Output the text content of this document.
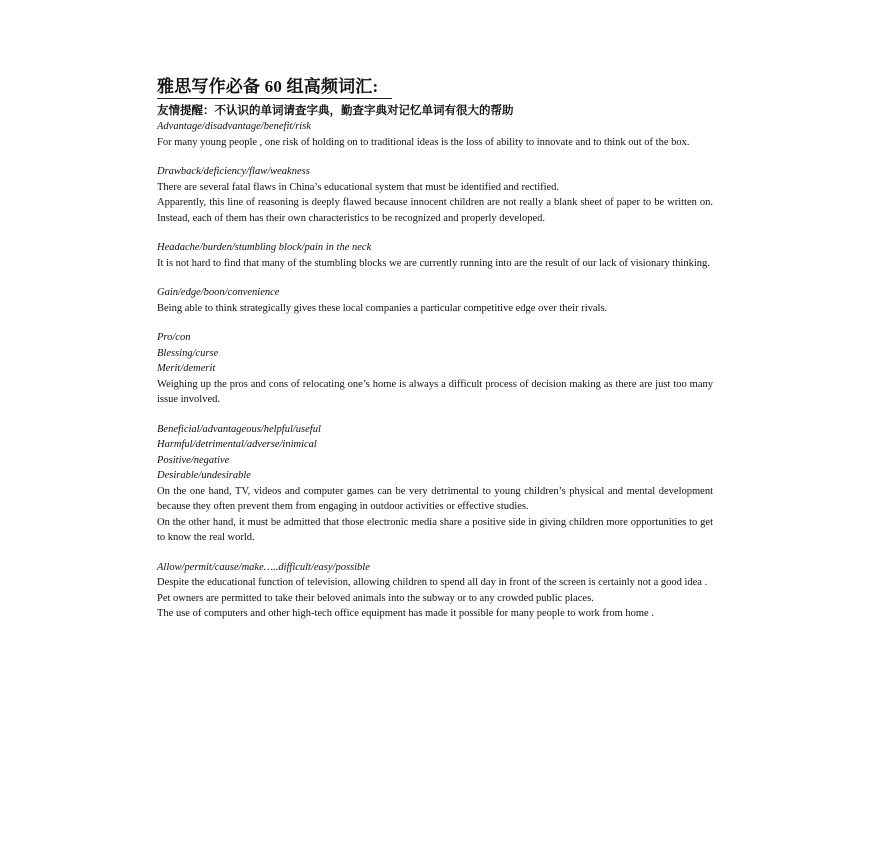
雅思写作必备 60 组高频词汇:
友情提醒：不认识的单词请查字典，勤查字典对记忆单词有很大的帮助
Advantage/disadvantage/benefit/risk

For many young people , one risk of holding on to traditional ideas is the loss of ability to innovate and to think out of the box.

Drawback/deficiency/flaw/weakness

There are several fatal flaws in China’s educational system that must be identified and rectified.

Apparently, this line of reasoning is deeply flawed because innocent children are not really a blank sheet of paper to be written on. Instead, each of them has their own characteristics to be recognized and properly developed.

Headache/burden/stumbling block/pain in the neck

It is not hard to find that many of the stumbling blocks we are currently running into are the result of our lack of visionary thinking.

Gain/edge/boon/convenience

Being able to think strategically gives these local companies a particular competitive edge over their rivals.

Pro/con
Blessing/curse
Merit/demerit

Weighing up the pros and cons of relocating one’s home is always a difficult process of decision making as there are just too many issue involved.

Beneficial/advantageous/helpful/useful
Harmful/detrimental/adverse/inimical
Positive/negative
Desirable/undesirable

On the one hand, TV, videos and computer games can be very detrimental to young children’s physical and mental development because they often prevent them from engaging in outdoor activities or effective studies.

On the other hand, it must be admitted that those electronic media share a positive side in giving children more opportunities to get to know the real world.

Allow/permit/cause/make…..difficult/easy/possible

Despite the educational function of television, allowing children to spend all day in front of the screen is certainly not a good idea .

Pet owners are permitted to take their beloved animals into the subway or to any crowded public places.

The use of computers and other high-tech office equipment has made it possible for many people to work from home .
